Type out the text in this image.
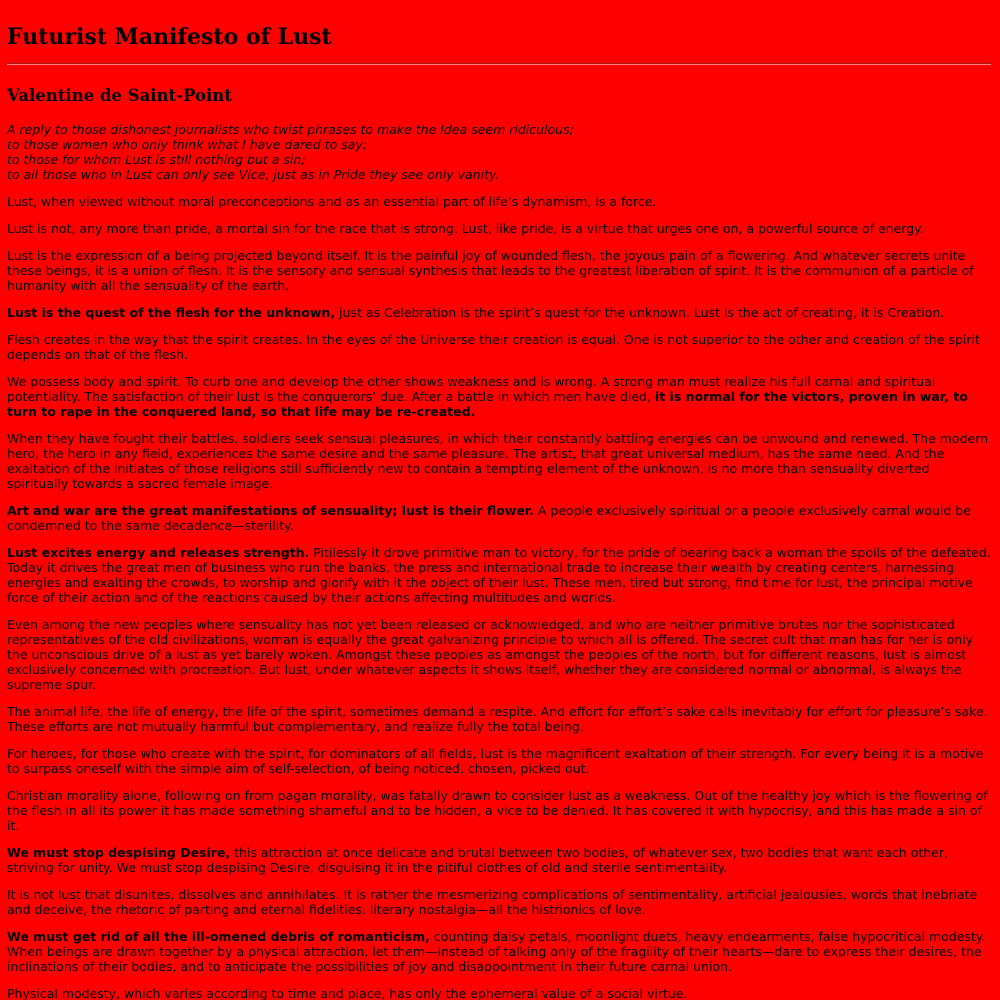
Futurist Manifesto of Lust
Valentine de Saint-Point
A reply to those dishonest journalists who twist phrases to make the Idea seem ridiculous;
to those women who only think what I have dared to say;
to those for whom Lust is still nothing but a sin;
to all those who in Lust can only see Vice, just as in Pride they see only vanity.

Lust, when viewed without moral preconceptions and as an essential part of life’s dynamism, is a force.

Lust is not, any more than pride, a mortal sin for the race that is strong. Lust, like pride, is a virtue that urges one on, a powerful source of energy.

Lust is the expression of a being projected beyond itself. It is the painful joy of wounded flesh, the joyous pain of a flowering. And whatever secrets unite these beings, it is a union of flesh. It is the sensory and sensual synthesis that leads to the greatest liberation of spirit. It is the communion of a particle of humanity with all the sensuality of the earth.

Lust is the quest of the flesh for the unknown, just as Celebration is the spirit’s quest for the unknown. Lust is the act of creating, it is Creation.

Flesh creates in the way that the spirit creates. In the eyes of the Universe their creation is equal. One is not superior to the other and creation of the spirit depends on that of the flesh.

We possess body and spirit. To curb one and develop the other shows weakness and is wrong. A strong man must realize his full carnal and spiritual potentiality. The satisfaction of their lust is the conquerors’ due. After a battle in which men have died, it is normal for the victors, proven in war, to turn to rape in the conquered land, so that life may be re-created.

When they have fought their battles, soldiers seek sensual pleasures, in which their constantly battling energies can be unwound and renewed. The modern hero, the hero in any field, experiences the same desire and the same pleasure. The artist, that great universal medium, has the same need. And the exaltation of the initiates of those religions still sufficiently new to contain a tempting element of the unknown, is no more than sensuality diverted spiritually towards a sacred female image.

Art and war are the great manifestations of sensuality; lust is their flower. A people exclusively spiritual or a people exclusively carnal would be condemned to the same decadence—sterility.

Lust excites energy and releases strength. Pitilessly it drove primitive man to victory, for the pride of bearing back a woman the spoils of the defeated. Today it drives the great men of business who run the banks, the press and international trade to increase their wealth by creating centers, harnessing energies and exalting the crowds, to worship and glorify with it the object of their lust. These men, tired but strong, find time for lust, the principal motive force of their action and of the reactions caused by their actions affecting multitudes and worlds.

Even among the new peoples where sensuality has not yet been released or acknowledged, and who are neither primitive brutes nor the sophisticated representatives of the old civilizations, woman is equally the great galvanizing principle to which all is offered. The secret cult that man has for her is only the unconscious drive of a lust as yet barely woken. Amongst these peoples as amongst the peoples of the north, but for different reasons, lust is almost exclusively concerned with procreation. But lust, under whatever aspects it shows itself, whether they are considered normal or abnormal, is always the supreme spur.

The animal life, the life of energy, the life of the spirit, sometimes demand a respite. And effort for effort’s sake calls inevitably for effort for pleasure’s sake. These efforts are not mutually harmful but complementary, and realize fully the total being.

For heroes, for those who create with the spirit, for dominators of all fields, lust is the magnificent exaltation of their strength. For every being it is a motive to surpass oneself with the simple aim of self-selection, of being noticed, chosen, picked out.

Christian morality alone, following on from pagan morality, was fatally drawn to consider lust as a weakness. Out of the healthy joy which is the flowering of the flesh in all its power it has made something shameful and to be hidden, a vice to be denied. It has covered it with hypocrisy, and this has made a sin of it.

We must stop despising Desire, this attraction at once delicate and brutal between two bodies, of whatever sex, two bodies that want each other, striving for unity. We must stop despising Desire, disguising it in the pitiful clothes of old and sterile sentimentality.

It is not lust that disunites, dissolves and annihilates. It is rather the mesmerizing complications of sentimentality, artificial jealousies, words that inebriate and deceive, the rhetoric of parting and eternal fidelities, literary nostalgia—all the histrionics of love.

We must get rid of all the ill-omened debris of romanticism, counting daisy petals, moonlight duets, heavy endearments, false hypocritical modesty. When beings are drawn together by a physical attraction, let them—instead of talking only of the fragility of their hearts—dare to express their desires, the inclinations of their bodies, and to anticipate the possibilities of joy and disappointment in their future carnal union.

Physical modesty, which varies according to time and place, has only the ephemeral value of a social virtue.
